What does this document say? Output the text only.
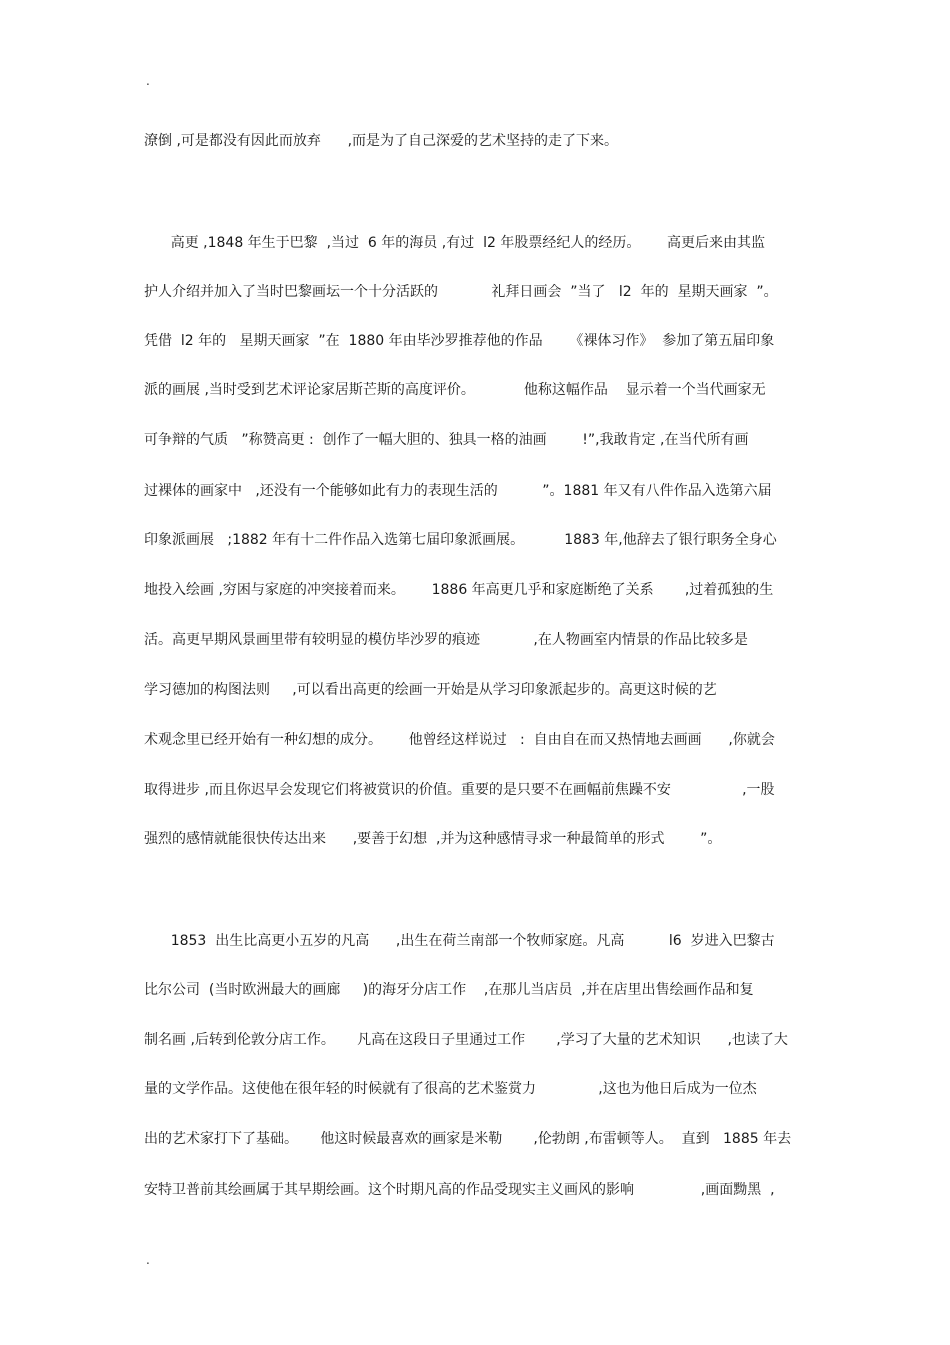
.
潦倒 ,可是都没有因此而放弃      ,而是为了自己深爱的艺术坚持的走了下来。
高更 ,1848 年生于巴黎  ,当过  6 年的海员 ,有过  l2 年股票经纪人的经历。      高更后来由其监
护人介绍并加入了当时巴黎画坛一个十分活跃的            礼拜日画会  ”当了   l2  年的  星期天画家  ”。
凭借  l2 年的   星期天画家  ”在  1880 年由毕沙罗推荐他的作品      《裸体习作》  参加了第五届印象
派的画展 ,当时受到艺术评论家居斯芒斯的高度评价。           他称这幅作品    显示着一个当代画家无
可争辩的气质   ”称赞高更 :  创作了一幅大胆的、独具一格的油画        !”,我敢肯定 ,在当代所有画
过裸体的画家中   ,还没有一个能够如此有力的表现生活的          ”。1881 年又有八件作品入选第六届
印象派画展   ;1882 年有十二件作品入选第七届印象派画展。         1883 年,他辞去了银行职务全身心
地投入绘画 ,穷困与家庭的冲突接着而来。      1886 年高更几乎和家庭断绝了关系       ,过着孤独的生
活。高更早期风景画里带有较明显的模仿毕沙罗的痕迹            ,在人物画室内情景的作品比较多是
学习德加的构图法则     ,可以看出高更的绘画一开始是从学习印象派起步的。高更这时候的艺
术观念里已经开始有一种幻想的成分。      他曾经这样说过   :  自由自在而又热情地去画画      ,你就会
取得进步 ,而且你迟早会发现它们将被赏识的价值。重要的是只要不在画幅前焦躁不安                ,一股
强烈的感情就能很快传达出来      ,要善于幻想  ,并为这种感情寻求一种最简单的形式        ”。
1853  出生比高更小五岁的凡高      ,出生在荷兰南部一个牧师家庭。凡高          l6  岁进入巴黎古
比尔公司  (当时欧洲最大的画廊     )的海牙分店工作    ,在那儿当店员  ,并在店里出售绘画作品和复
制名画 ,后转到伦敦分店工作。     凡高在这段日子里通过工作       ,学习了大量的艺术知识      ,也读了大
量的文学作品。这使他在很年轻的时候就有了很高的艺术鉴赏力              ,这也为他日后成为一位杰
出的艺术家打下了基础。     他这时候最喜欢的画家是米勒       ,伦勃朗 ,布雷顿等人。  直到   1885 年去
安特卫普前其绘画属于其早期绘画。这个时期凡高的作品受现实主义画风的影响               ,画面黝黑  ,
.
